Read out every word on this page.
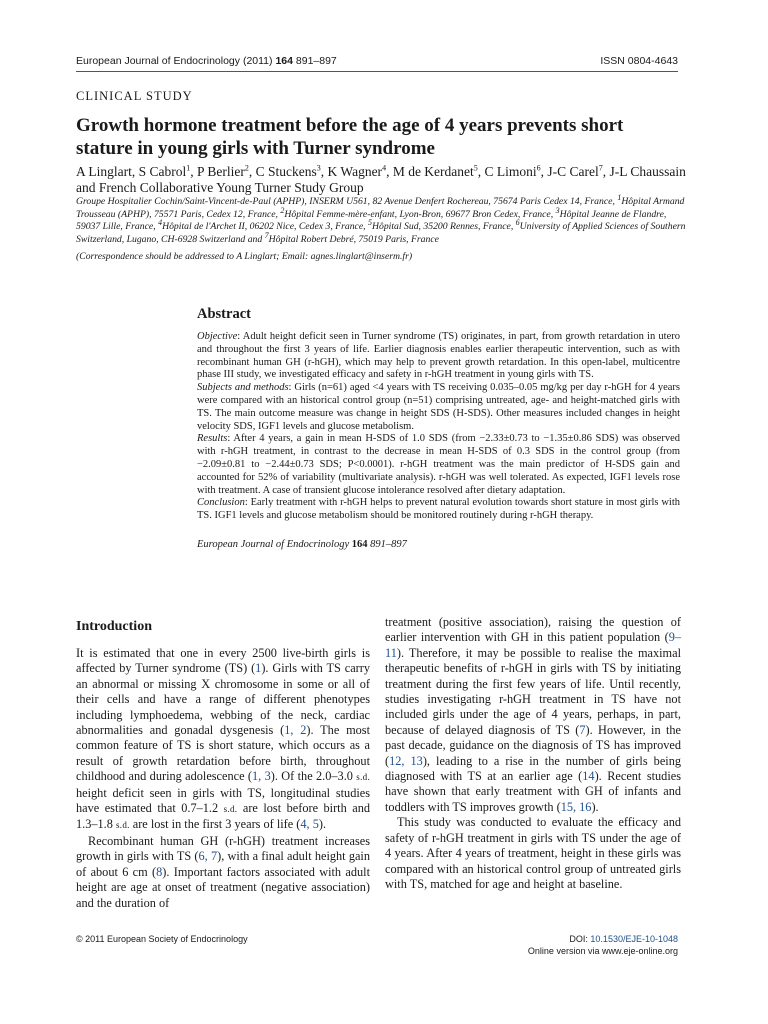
European Journal of Endocrinology (2011) 164 891–897	ISSN 0804-4643
CLINICAL STUDY
Growth hormone treatment before the age of 4 years prevents short stature in young girls with Turner syndrome
A Linglart, S Cabrol$^1$, P Berlier$^2$, C Stuckens$^3$, K Wagner$^4$, M de Kerdanet$^5$, C Limoni$^6$, J-C Carel$^7$, J-L Chaussain and French Collaborative Young Turner Study Group
Groupe Hospitalier Cochin/Saint-Vincent-de-Paul (APHP), INSERM U561, 82 Avenue Denfert Rochereau, 75674 Paris Cedex 14, France, $^1$Hôpital Armand Trousseau (APHP), 75571 Paris, Cedex 12, France, $^2$Hôpital Femme-mère-enfant, Lyon-Bron, 69677 Bron Cedex, France, $^3$Hôpital Jeanne de Flandre, 59037 Lille, France, $^4$Hôpital de l'Archet II, 06202 Nice, Cedex 3, France, $^5$Hôpital Sud, 35200 Rennes, France, $^6$University of Applied Sciences of Southern Switzerland, Lugano, CH-6928 Switzerland and $^7$Hôpital Robert Debré, 75019 Paris, France
(Correspondence should be addressed to A Linglart; Email: agnes.linglart@inserm.fr)
Abstract

Objective: Adult height deficit seen in Turner syndrome (TS) originates, in part, from growth retardation in utero and throughout the first 3 years of life. Earlier diagnosis enables earlier therapeutic intervention, such as with recombinant human GH (r-hGH), which may help to prevent growth retardation. In this open-label, multicentre phase III study, we investigated efficacy and safety in r-hGH treatment in young girls with TS.

Subjects and methods: Girls (n=61) aged <4 years with TS receiving 0.035–0.05 mg/kg per day r-hGH for 4 years were compared with an historical control group (n=51) comprising untreated, age- and height-matched girls with TS. The main outcome measure was change in height SDS (H-SDS). Other measures included changes in height velocity SDS, IGF1 levels and glucose metabolism.

Results: After 4 years, a gain in mean H-SDS of 1.0 SDS (from −2.33±0.73 to −1.35±0.86 SDS) was observed with r-hGH treatment, in contrast to the decrease in mean H-SDS of 0.3 SDS in the control group (from −2.09±0.81 to −2.44±0.73 SDS; P<0.0001). r-hGH treatment was the main predictor of H-SDS gain and accounted for 52% of variability (multivariate analysis). r-hGH was well tolerated. As expected, IGF1 levels rose with treatment. A case of transient glucose intolerance resolved after dietary adaptation.

Conclusion: Early treatment with r-hGH helps to prevent natural evolution towards short stature in most girls with TS. IGF1 levels and glucose metabolism should be monitored routinely during r-hGH therapy.

European Journal of Endocrinology 164 891–897
Introduction

It is estimated that one in every 2500 live-birth girls is affected by Turner syndrome (TS) (1). Girls with TS carry an abnormal or missing X chromosome in some or all of their cells and have a range of different phenotypes including lymphoedema, webbing of the neck, cardiac abnormalities and gonadal dysgenesis (1, 2). The most common feature of TS is short stature, which occurs as a result of growth retardation before birth, throughout childhood and during adolescence (1, 3). Of the 2.0–3.0 s.d. height deficit seen in girls with TS, longitudinal studies have estimated that 0.7–1.2 s.d. are lost before birth and 1.3–1.8 s.d. are lost in the first 3 years of life (4, 5).

Recombinant human GH (r-hGH) treatment increases growth in girls with TS (6, 7), with a final adult height gain of about 6 cm (8). Important factors associated with adult height are age at onset of treatment (negative association) and the duration of

treatment (positive association), raising the question of earlier intervention with GH in this patient population (9–11). Therefore, it may be possible to realise the maximal therapeutic benefits of r-hGH in girls with TS by initiating treatment during the first few years of life. Until recently, studies investigating r-hGH treatment in TS have not included girls under the age of 4 years, perhaps, in part, because of delayed diagnosis of TS (7). However, in the past decade, guidance on the diagnosis of TS has improved (12, 13), leading to a rise in the number of girls being diagnosed with TS at an earlier age (14). Recent studies have shown that early treatment with GH of infants and toddlers with TS improves growth (15, 16).

This study was conducted to evaluate the efficacy and safety of r-hGH treatment in girls with TS under the age of 4 years. After 4 years of treatment, height in these girls was compared with an historical control group of untreated girls with TS, matched for age and height at baseline.

© 2011 European Society of Endocrinology	DOI: 10.1530/EJE-10-1048
Online version via www.eje-online.org
